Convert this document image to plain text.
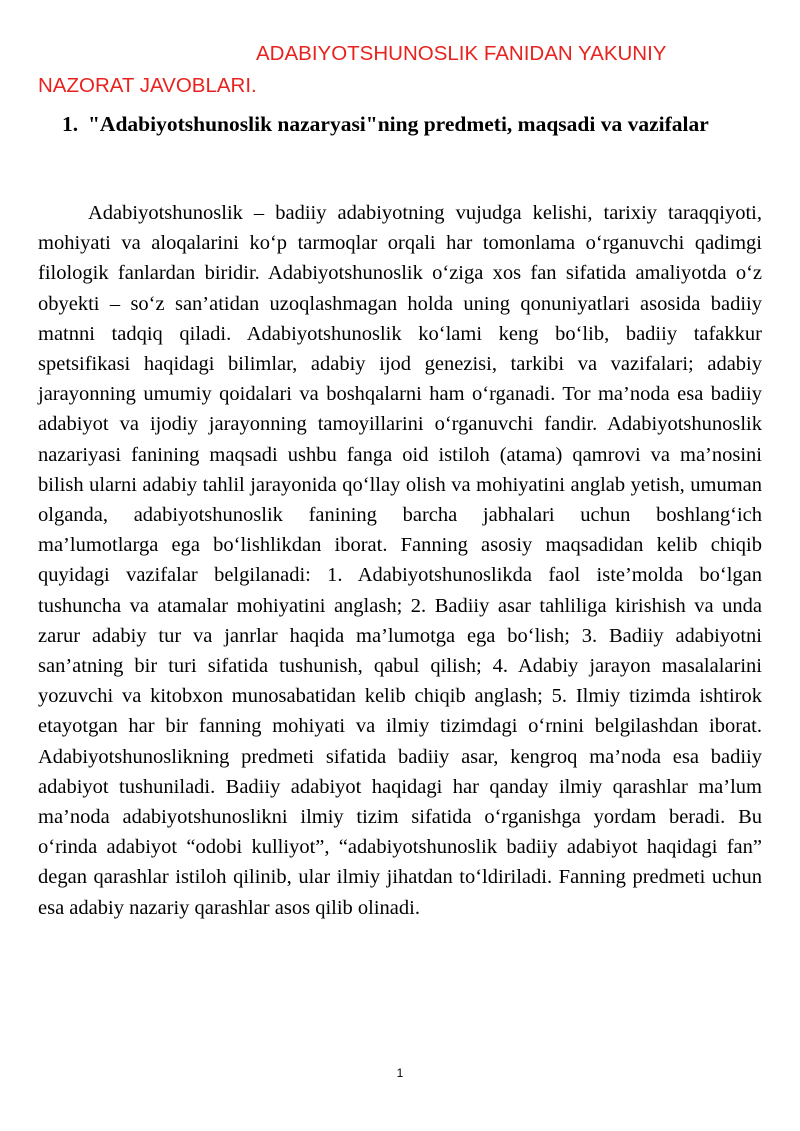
ADABIYOTSHUNOSLIK FANIDAN YAKUNIY NAZORAT JAVOBLARI.
1. "Adabiyotshunoslik nazaryasi"ning predmeti, maqsadi va vazifalar

Adabiyotshunoslik – badiiy adabiyotning vujudga kelishi, tarixiy taraqqiyoti, mohiyati va aloqalarini ko‘p tarmoqlar orqali har tomonlama o‘rganuvchi qadimgi filologik fanlardan biridir. Adabiyotshunoslik o‘ziga xos fan sifatida amaliyotda o‘z obyekti – so‘z san’atidan uzoqlashmagan holda uning qonuniyatlari asosida badiiy matnni tadqiq qiladi. Adabiyotshunoslik ko‘lami keng bo‘lib, badiiy tafakkur spetsifikasi haqidagi bilimlar, adabiy ijod genezisi, tarkibi va vazifalari; adabiy jarayonning umumiy qoidalari va boshqalarni ham o‘rganadi. Tor ma’noda esa badiiy adabiyot va ijodiy jarayonning tamoyillarini o‘rganuvchi fandir. Adabiyotshunoslik nazariyasi fanining maqsadi ushbu fanga oid istiloh (atama) qamrovi va ma’nosini bilish ularni adabiy tahlil jarayonida qo‘llay olish va mohiyatini anglab yetish, umuman olganda, adabiyotshunoslik fanining barcha jabhalari uchun boshlang‘ich ma’lumotlarga ega bo‘lishlikdan iborat. Fanning asosiy maqsadidan kelib chiqib quyidagi vazifalar belgilanadi: 1. Adabiyotshunoslikda faol iste’molda bo‘lgan tushuncha va atamalar mohiyatini anglash; 2. Badiiy asar tahliliga kirishish va unda zarur adabiy tur va janrlar haqida ma’lumotga ega bo‘lish; 3. Badiiy adabiyotni san’atning bir turi sifatida tushunish, qabul qilish; 4. Adabiy jarayon masalalarini yozuvchi va kitobxon munosabatidan kelib chiqib anglash; 5. Ilmiy tizimda ishtirok etayotgan har bir fanning mohiyati va ilmiy tizimdagi o‘rnini belgilashdan iborat. Adabiyotshunoslikning predmeti sifatida badiiy asar, kengroq ma’noda esa badiiy adabiyot tushuniladi. Badiiy adabiyot haqidagi har qanday ilmiy qarashlar ma’lum ma’noda adabiyotshunoslikni ilmiy tizim sifatida o‘rganishga yordam beradi. Bu o‘rinda adabiyot “odobi kulliyot”, “adabiyotshunoslik badiiy adabiyot haqidagi fan” degan qarashlar istiloh qilinib, ular ilmiy jihatdan to‘ldiriladi. Fanning predmeti uchun esa adabiy nazariy qarashlar asos qilib olinadi.

1
